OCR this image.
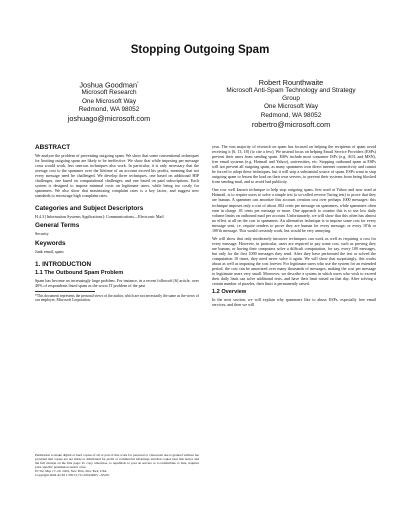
Stopping Outgoing Spam
Joshua Goodman*
Microsoft Research
One Microsoft Way
Redmond, WA 98052
joshuago@microsoft.com
Robert Rounthwaite
Microsoft Anti-Spam Technology and Strategy
Group
One Microsoft Way
Redmond, WA 98052
robertro@microsoft.com
ABSTRACT

We analyze the problem of preventing outgoing spam. We show that some conventional techniques for limiting outgoing spam are likely to be ineffective. We show that while imposing per message costs would work, less onerous techniques also work. In particular, it is only necessary that the average cost to the spammer over the lifetime of an account exceed his profits, meaning that not every message need be challenged. We develop three techniques, one based on additional HIP challenges, one based on computational challenges, and one based on paid subscriptions. Each system is designed to impose minimal costs on legitimate users, while being too costly for spammers. We also show that maximizing complaint rates is a key factor, and suggest new standards to encourage high complaint rates.

Categories and Subject Descriptors

H.4.3 [Information Systems Applications]: Communications—Electronic Mail

General Terms

Security

Keywords

Junk email, spam

1. INTRODUCTION
1.1 The Outbound Spam Problem

Spam has become an increasingly large problem. For instance, in a recent followoft [6] article, over 40% of respondents listed spam as the worst IT problem of the past

*This document represents the personal views of the author, which are not necessarily the same as the views of our employer, Microsoft Corporation.

Permission to make digital or hard copies of all or part of this work for personal or classroom use is granted without fee provided that copies are not made or distributed for profit or commercial advantage and that copies bear this notice and the full citation on the first page. To copy otherwise, to republish, to post on servers or to redistribute to lists, requires prior specific permission and/or a fee.

EC'04, May 17–20, 2004, New York, New York, USA.

Copyright 2004 ACM 1-58113-711-0/04/0005 ...$5.00.

year. The vast majority of research on spam has focused on helping the recipients of spam avoid receiving it [6, 13, 18] (to cite a few). We instead focus on helping Email Service Providers (ESPs) prevent their users from sending spam. ESPs include most consumer ISPs (e.g. AOL and MSN), free email systems (e.g. Hotmail and Yahoo), universities, etc. Stopping outbound spam at ESPs will not prevent all outgoing spam, as many spammers own direct internet connectivity and cannot be forced to adopt these techniques, but it will stop a substantial source of spam. ESPs want to stop outgoing spam to lessen the load on their own servers, to prevent their systems from being blocked from sending mail, and to avoid bad publicity.

One row well known technique to help stop outgoing spam, first used at Yahoo and now used at Hotmail, is to require users to solve a simple test (a so-called reverse Turing test) to prove that they are human. A spammer can amortize this account creation cost over perhaps 1000 messages: this technique imposes only a cost of about .002 cents per message on spammers, while spammers often earn in charge .01 cents per message or more. One approach to counter this is to use low daily volume limits on outbound mail per account. Unfortunately, we will show that this often has almost no effect at all on the cost to spammers. An alternative technique is to impose some cost for every message sent, i.e. require senders to prove they are human for every message, or every 10'th or 100'th message. This would certainly work, but would be very annoying.

We will show that only moderately intrusive techniques can work as well as requiring a cost for every message. However, in particular, users are required to pay some cost, such as proving they are human, or having their computers solve a difficult computation, for say, every 100 messages, but only for the first 1000 messages they send. After they have performed the test or solved the computation 10 times, they need never solve it again. We will show that surprisingly, this works about as well as imposing the cost forever. For legitimate users who use the system for an extended period, the cost can be amortized over many thousands of messages, making the cost per message to legitimate users very small. Moreover, we describe a system in which users who wish to exceed their daily limit can solve additional tests, and have their limit raised on that day. After solving a certain number of puzzles, their limit is permanently raised.

1.2 Overview

In the next section, we will explain why spammers like to abuse ESPs, especially free email services, and then we will
